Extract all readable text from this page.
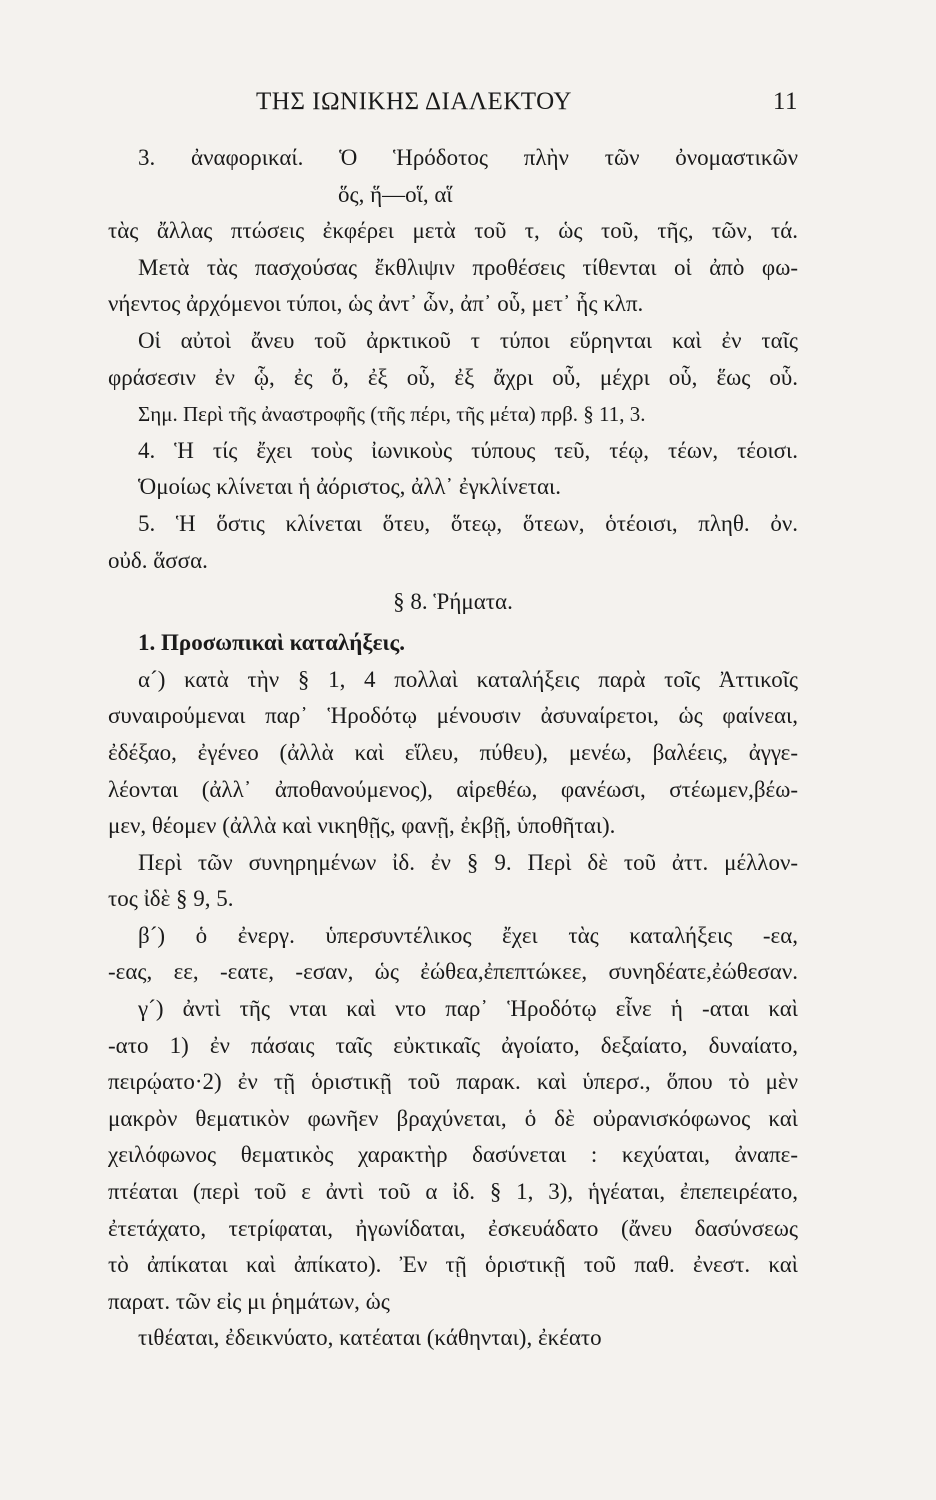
ΤΗΣ ΙΩΝΙΚΗΣ ΔΙΑΛΕΚΤΟΥ	11
3. ἀναφορικαί. Ὁ Ἡρόδοτος πλὴν τῶν ὀνομαστικῶν
ὅς, ἥ—οἵ, αἵ
τὰς ἄλλας πτώσεις ἐκφέρει μετὰ τοῦ τ, ὡς τοῦ, τῆς, τῶν, τά.
Μετὰ τὰς πασχούσας ἔκθλιψιν προθέσεις τίθενται οἱ ἀπὸ φω-
νήεντος ἀρχόμενοι τύποι, ὡς ἀντ᾽ ὧν, ἀπ᾽ οὗ, μετ᾽ ἧς κλπ.
Οἱ αὐτοὶ ἄνευ τοῦ ἀρκτικοῦ τ τύποι εὕρηνται καὶ ἐν ταῖς
φράσεσιν ἐν ᾧ, ἐς ὅ, ἐξ οὗ, ἐξ ἄχρι οὗ, μέχρι οὗ, ἕως οὗ.
Σημ. Περὶ τῆς ἀναστροφῆς (τῆς πέρι, τῆς μέτα) πρβ. § 11, 3.
4. Ἡ τίς ἔχει τοὺς ἰωνικοὺς τύπους τεῦ, τέῳ, τέων, τέοισι.
Ὁμοίως κλίνεται ἡ ἀόριστος, ἀλλ᾽ ἐγκλίνεται.
5. Ἡ ὅστις κλίνεται ὅτευ, ὅτεῳ, ὅτεων, ὁτέοισι, πληθ. ὀν.
οὐδ. ἅσσα.
§ 8. Ῥήματα.
1. Προσωπικαὶ καταλήξεις.
α´) κατὰ τὴν § 1, 4 πολλαὶ καταλήξεις παρὰ τοῖς Ἀττικοῖς
συναιρούμεναι παρ᾽ Ἡροδότῳ μένουσιν ἀσυναίρετοι, ὡς φαίνεαι,
ἐδέξαο, ἐγένεο (ἀλλὰ καὶ εἵλευ, πύθευ), μενέω, βαλέεις, ἀγγε-
λέονται (ἀλλ᾽ ἀποθανούμενος), αἱρεθέω, φανέωσι, στέωμεν,βέω-
μεν, θέομεν (ἀλλὰ καὶ νικηθῇς, φανῇ, ἐκβῇ, ὑποθῆται).
Περὶ τῶν συνηρημένων ἰδ. ἐν § 9. Περὶ δὲ τοῦ ἀττ. μέλλον-
τος ἰδὲ § 9, 5.
β´) ὁ ἐνεργ. ὑπερσυντέλικος ἔχει τὰς καταλήξεις -εα,
-εας, εε, -εατε, -εσαν, ὡς ἐώθεα,ἐπεπτώκεε, συνηδέατε,ἐώθεσαν.
γ´) ἀντὶ τῆς νται καὶ ντο παρ᾽ Ἡροδότῳ εἶνε ἡ -αται καὶ
-ατο 1) ἐν πάσαις ταῖς εὐκτικαῖς ἀγοίατο, δεξαίατο, δυναίατο,
πειρῴατο·2) ἐν τῇ ὁριστικῇ τοῦ παρακ. καὶ ὑπερσ., ὅπου τὸ μὲν
μακρὸν θεματικὸν φωνῆεν βραχύνεται, ὁ δὲ οὐρανισκόφωνος καὶ
χειλόφωνος θεματικὸς χαρακτὴρ δασύνεται : κεχύαται, ἀναπε-
πτέαται (περὶ τοῦ ε ἀντὶ τοῦ α ἰδ. § 1, 3), ἡγέαται, ἐπεπειρέατο,
ἐτετάχατο, τετρίφαται, ἠγωνίδαται, ἐσκευάδατο (ἄνευ δασύνσεως
τὸ ἀπίκαται καὶ ἀπίκατο). Ἐν τῇ ὁριστικῇ τοῦ παθ. ἐνεστ. καὶ
παρατ. τῶν εἰς μι ῥημάτων, ὡς
τιθέαται, ἐδεικνύατο, κατέαται (κάθηνται), ἐκέατο
